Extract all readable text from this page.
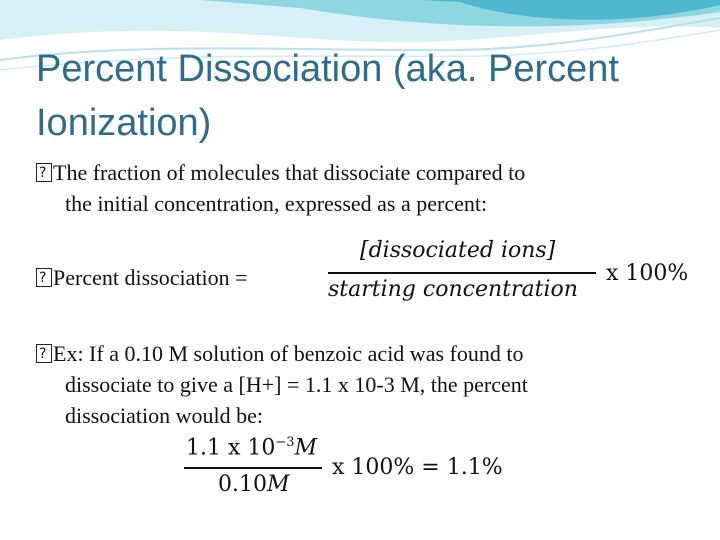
Percent Dissociation (aka. Percent Ionization)
?The fraction of molecules that dissociate compared to
the initial concentration, expressed as a percent:
?Percent dissociation =
[dissociated ions]
starting concentration
x 100%
?Ex: If a 0.10 M solution of benzoic acid was found to
dissociate to give a [H+] = 1.1 x 10-3 M, the percent
dissociation would be:
1.1 x $10^{-3}M$
0.10M
x 100% = 1.1%
